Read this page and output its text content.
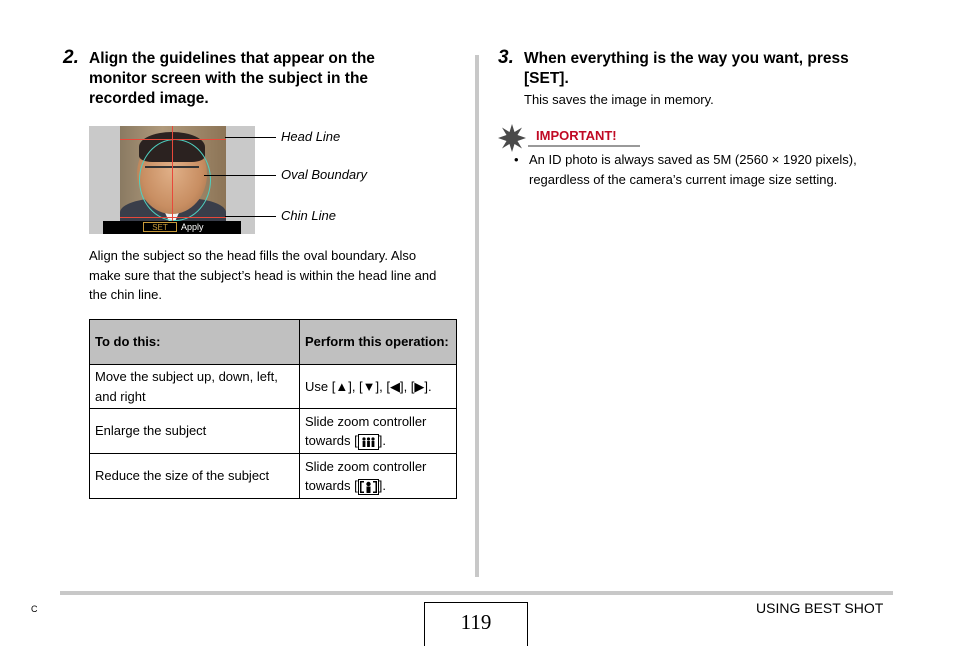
2. Align the guidelines that appear on the
monitor screen with the subject in the
recorded image.
SET	Apply
Head Line
Oval Boundary
Chin Line
Align the subject so the head fills the oval boundary. Also
make sure that the subject’s head is within the head line and
the chin line.
To do this:	Perform this operation:
Move the subject up, down, left, and right	Use [▲], [▼], [◀], [▶].
Enlarge the subject	Slide zoom controller towards [ ].
Reduce the size of the subject	Slide zoom controller towards [ ].
3. When everything is the way you want, press
[SET].
This saves the image in memory.
IMPORTANT!
• An ID photo is always saved as 5M (2560 × 1920 pixels),
regardless of the camera’s current image size setting.
C
119
USING BEST SHOT
